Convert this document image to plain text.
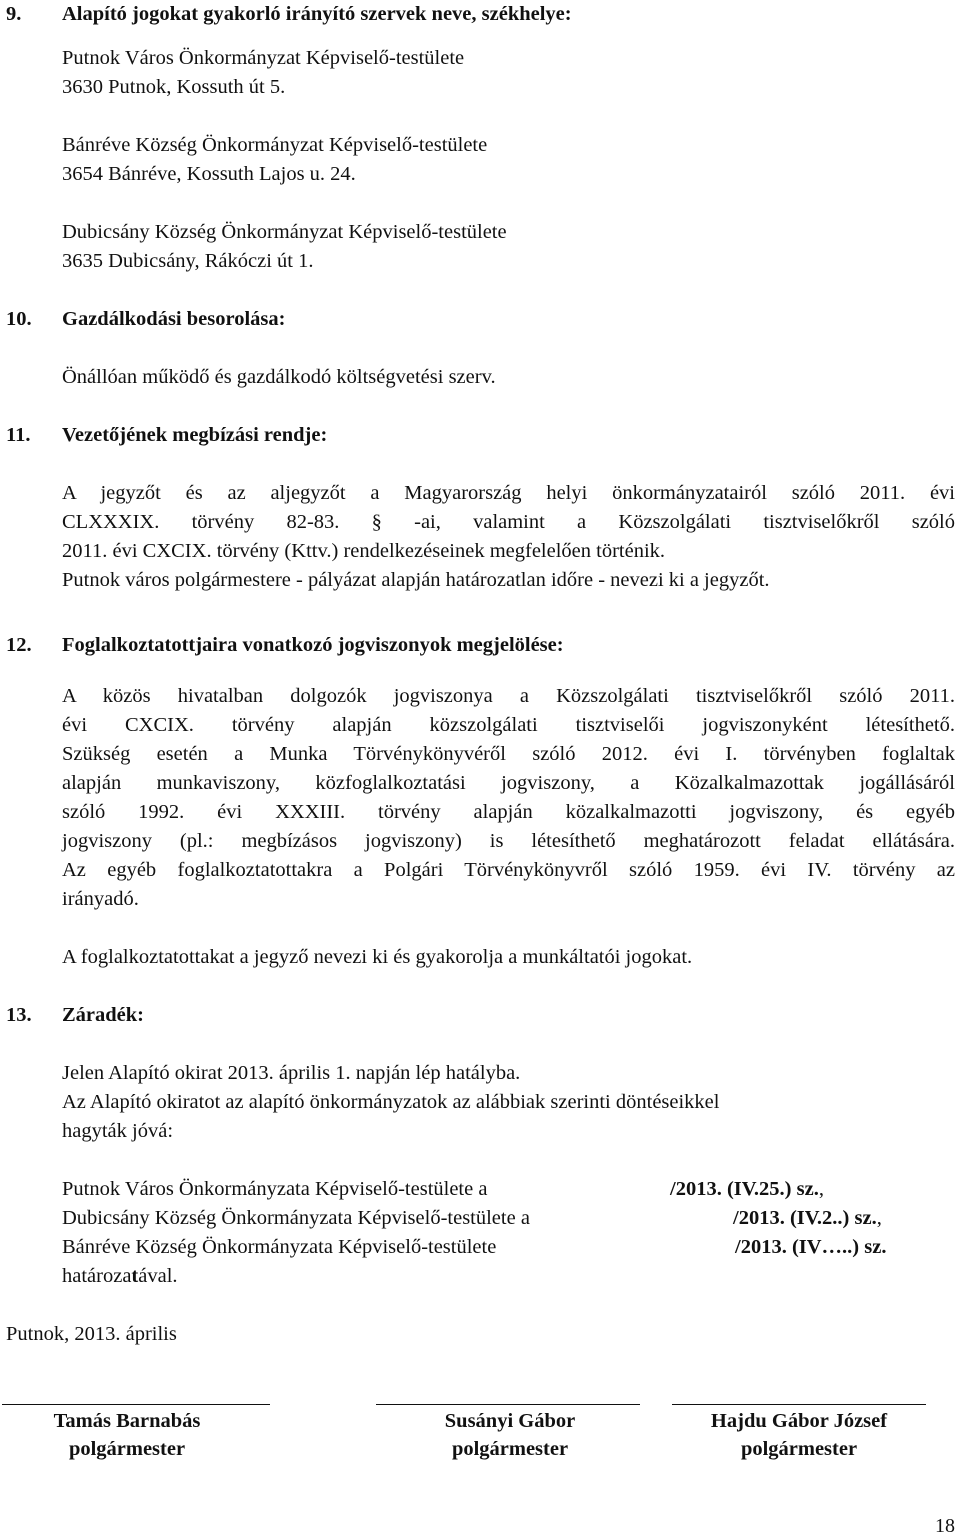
9. Alapító jogokat gyakorló irányító szervek neve, székhelye:
Putnok Város Önkormányzat Képviselő-testülete
3630 Putnok, Kossuth út 5.
Bánréve Község Önkormányzat Képviselő-testülete
3654 Bánréve, Kossuth Lajos u. 24.
Dubicsány Község Önkormányzat Képviselő-testülete
3635 Dubicsány, Rákóczi út 1.
10. Gazdálkodási besorolása:
Önállóan működő és gazdálkodó költségvetési szerv.
11. Vezetőjének megbízási rendje:
A jegyzőt és az aljegyzőt a Magyarország helyi önkormányzatairól szóló 2011. évi
CLXXXIX. törvény 82-83. § -ai, valamint a Közszolgálati tisztviselőkről szóló
2011. évi CXCIX. törvény (Kttv.) rendelkezéseinek megfelelően történik.
Putnok város polgármestere - pályázat alapján határozatlan időre - nevezi ki a jegyzőt.
12. Foglalkoztatottjaira vonatkozó jogviszonyok megjelölése:
A közös hivatalban dolgozók jogviszonya a Közszolgálati tisztviselőkről szóló 2011.
évi CXCIX. törvény alapján közszolgálati tisztviselői jogviszonyként létesíthető.
Szükség esetén a Munka Törvénykönyvéről szóló 2012. évi I. törvényben foglaltak
alapján munkaviszony, közfoglalkoztatási jogviszony, a Közalkalmazottak jogállásáról
szóló 1992. évi XXXIII. törvény alapján közalkalmazotti jogviszony, és egyéb
jogviszony (pl.: megbízásos jogviszony) is létesíthető meghatározott feladat ellátására.
Az egyéb foglalkoztatottakra a Polgári Törvénykönyvről szóló 1959. évi IV. törvény az
irányadó.
A foglalkoztatottakat a jegyző nevezi ki és gyakorolja a munkáltatói jogokat.
13. Záradék:
Jelen Alapító okirat 2013. április 1. napján lép hatályba.
Az Alapító okiratot az alapító önkormányzatok az alábbiak szerinti döntéseikkel
hagyták jóvá:
Putnok Város Önkormányzata Képviselő-testülete a	/2013. (IV.25.) sz.,
Dubicsány Község Önkormányzata Képviselő-testülete a	/2013. (IV.2..) sz.,
Bánréve Község Önkormányzata Képviselő-testülete	/2013. (IV…..) sz.
határozatával.
Putnok, 2013. április
Tamás Barnabás
polgármester
Susányi Gábor
polgármester
Hajdu Gábor József
polgármester
18
